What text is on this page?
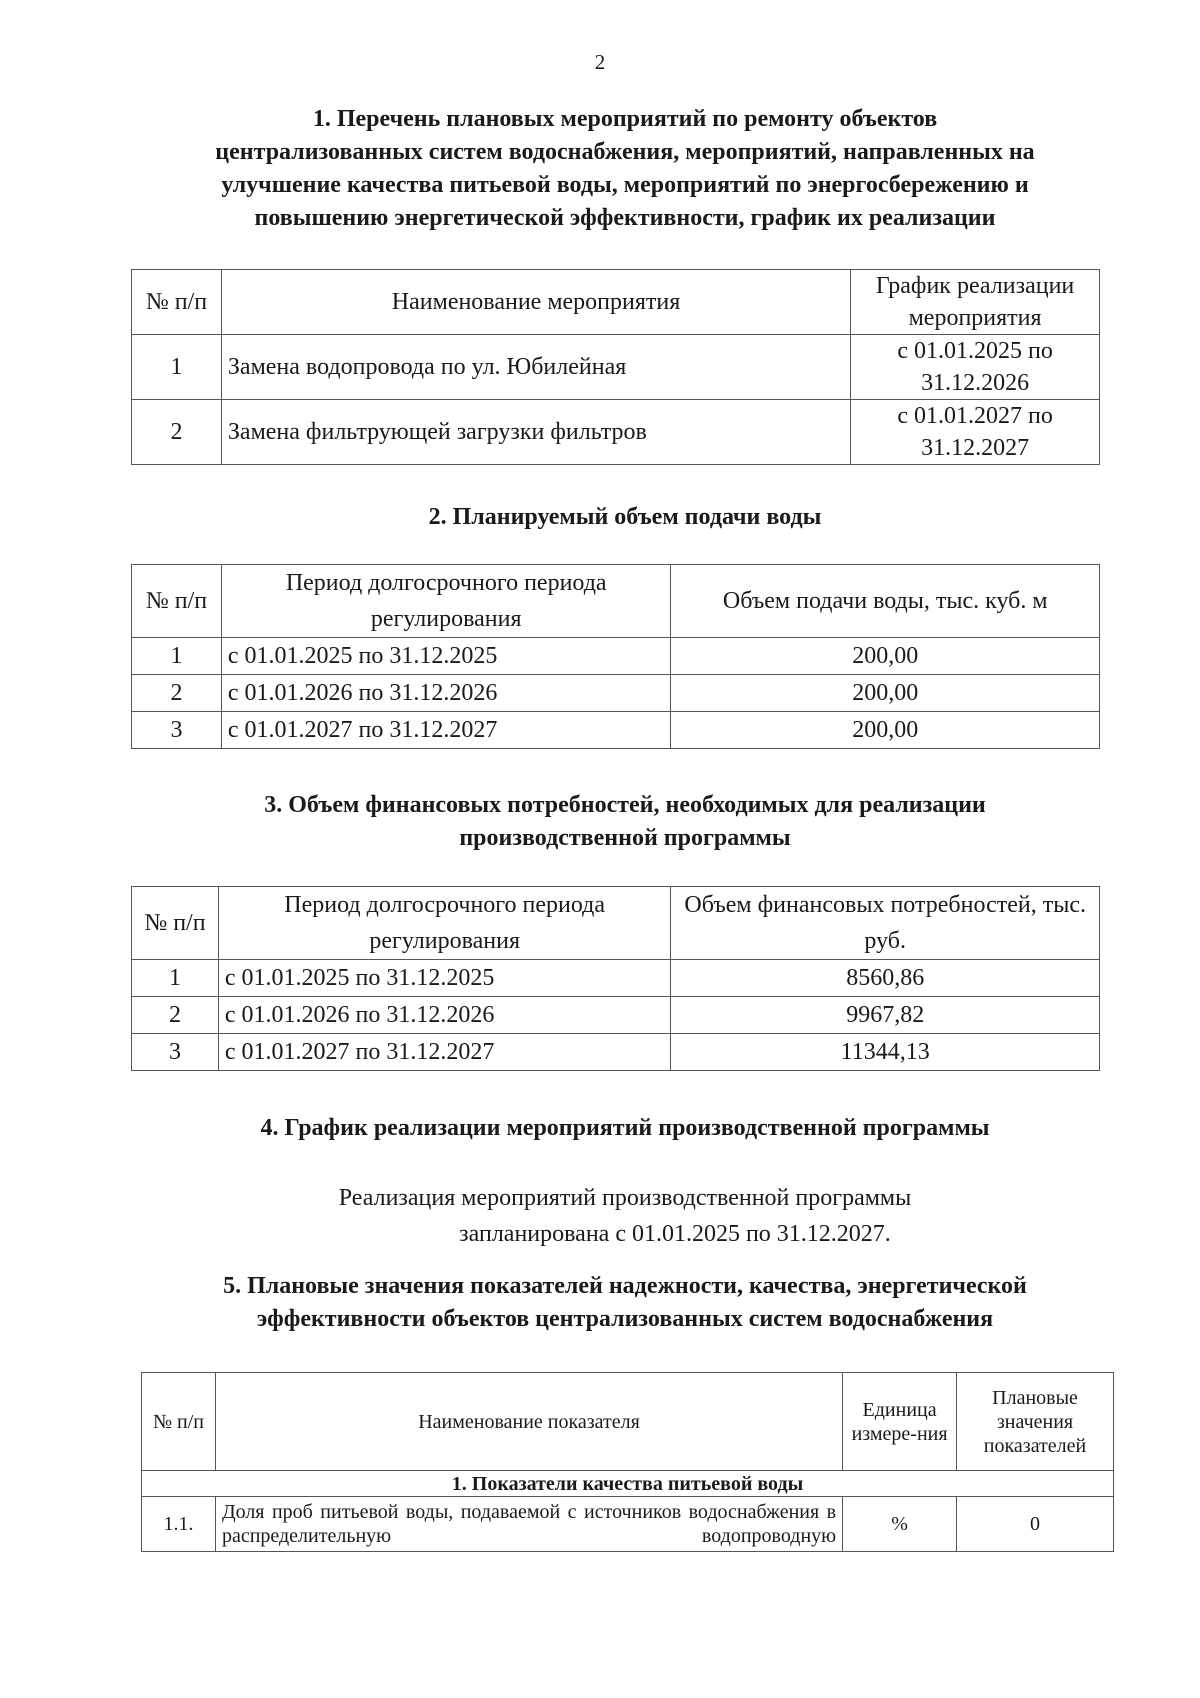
2
1. Перечень плановых мероприятий по ремонту объектов
централизованных систем водоснабжения, мероприятий, направленных на
улучшение качества питьевой воды, мероприятий по энергосбережению и
повышению энергетической эффективности, график их реализации
№ п/п	Наименование мероприятия	График реализации мероприятия
1	Замена водопровода по ул. Юбилейная	с 01.01.2025 по 31.12.2026
2	Замена фильтрующей загрузки фильтров	с 01.01.2027 по 31.12.2027
2. Планируемый объем подачи воды
№ п/п	Период долгосрочного периода регулирования	Объем подачи воды, тыс. куб. м
1	с 01.01.2025 по 31.12.2025	200,00
2	с 01.01.2026 по 31.12.2026	200,00
3	с 01.01.2027 по 31.12.2027	200,00
3. Объем финансовых потребностей, необходимых для реализации
производственной программы
№ п/п	Период долгосрочного периода регулирования	Объем финансовых потребностей, тыс. руб.
1	с 01.01.2025 по 31.12.2025	8560,86
2	с 01.01.2026 по 31.12.2026	9967,82
3	с 01.01.2027 по 31.12.2027	11344,13
4. График реализации мероприятий производственной программы

Реализация мероприятий производственной программы
запланирована с 01.01.2025 по 31.12.2027.

5. Плановые значения показателей надежности, качества, энергетической
эффективности объектов централизованных систем водоснабжения
№ п/п	Наименование показателя	Единица измере-ния	Плановые значения показателей
1. Показатели качества питьевой воды			
1.1.	Доля проб питьевой воды, подаваемой с источников водоснабжения в распределительную водопроводную	%	0
